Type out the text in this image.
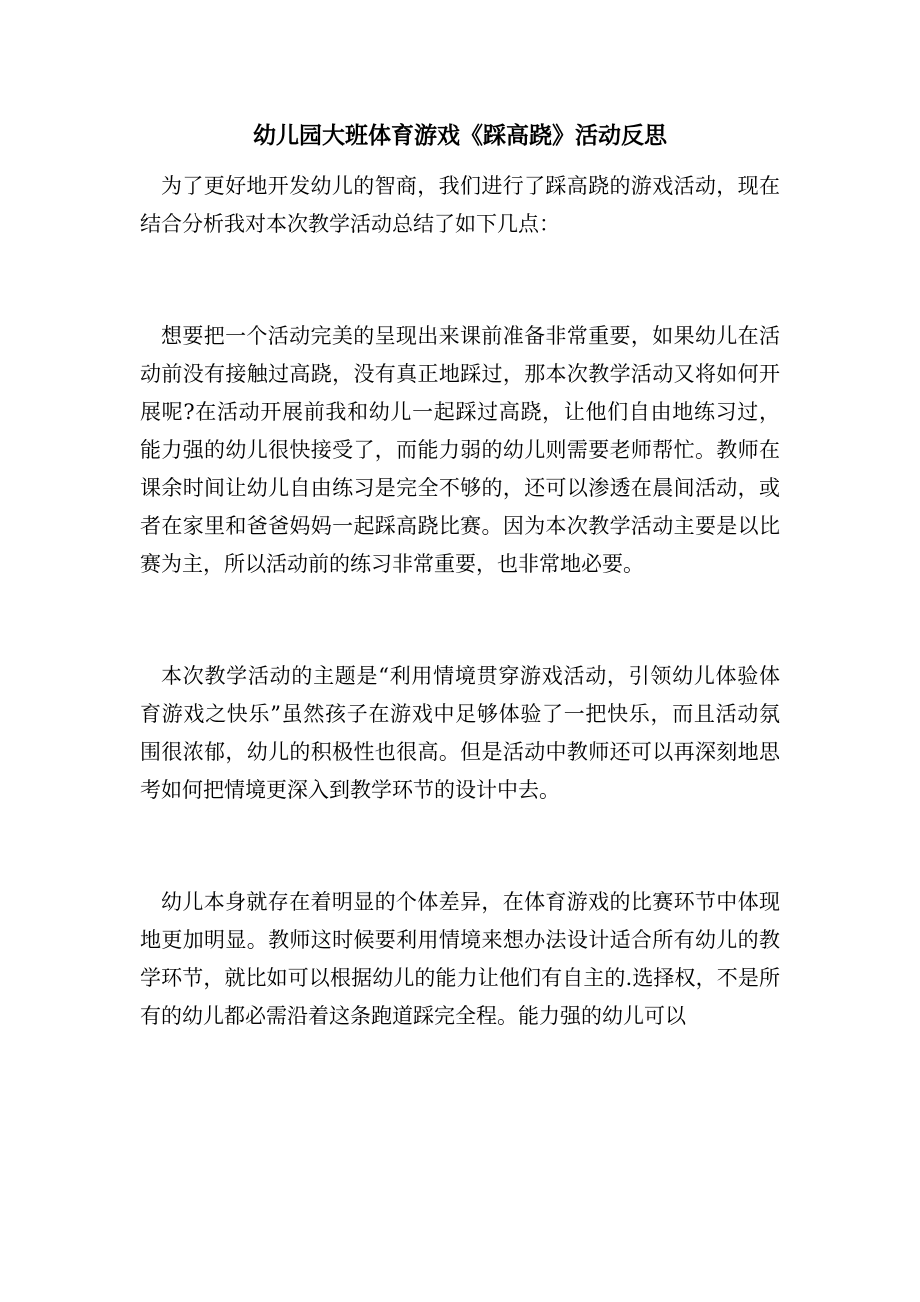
幼儿园大班体育游戏《踩高跷》活动反思

为了更好地开发幼儿的智商，我们进行了踩高跷的游戏活动，现在结合分析我对本次教学活动总结了如下几点：

想要把一个活动完美的呈现出来课前准备非常重要，如果幼儿在活动前没有接触过高跷，没有真正地踩过，那本次教学活动又将如何开展呢?在活动开展前我和幼儿一起踩过高跷，让他们自由地练习过，能力强的幼儿很快接受了，而能力弱的幼儿则需要老师帮忙。教师在课余时间让幼儿自由练习是完全不够的，还可以渗透在晨间活动，或者在家里和爸爸妈妈一起踩高跷比赛。因为本次教学活动主要是以比赛为主，所以活动前的练习非常重要，也非常地必要。

本次教学活动的主题是“利用情境贯穿游戏活动，引领幼儿体验体育游戏之快乐”虽然孩子在游戏中足够体验了一把快乐，而且活动氛围很浓郁，幼儿的积极性也很高。但是活动中教师还可以再深刻地思考如何把情境更深入到教学环节的设计中去。

幼儿本身就存在着明显的个体差异，在体育游戏的比赛环节中体现地更加明显。教师这时候要利用情境来想办法设计适合所有幼儿的教学环节，就比如可以根据幼儿的能力让他们有自主的.选择权，不是所有的幼儿都必需沿着这条跑道踩完全程。能力强的幼儿可以
